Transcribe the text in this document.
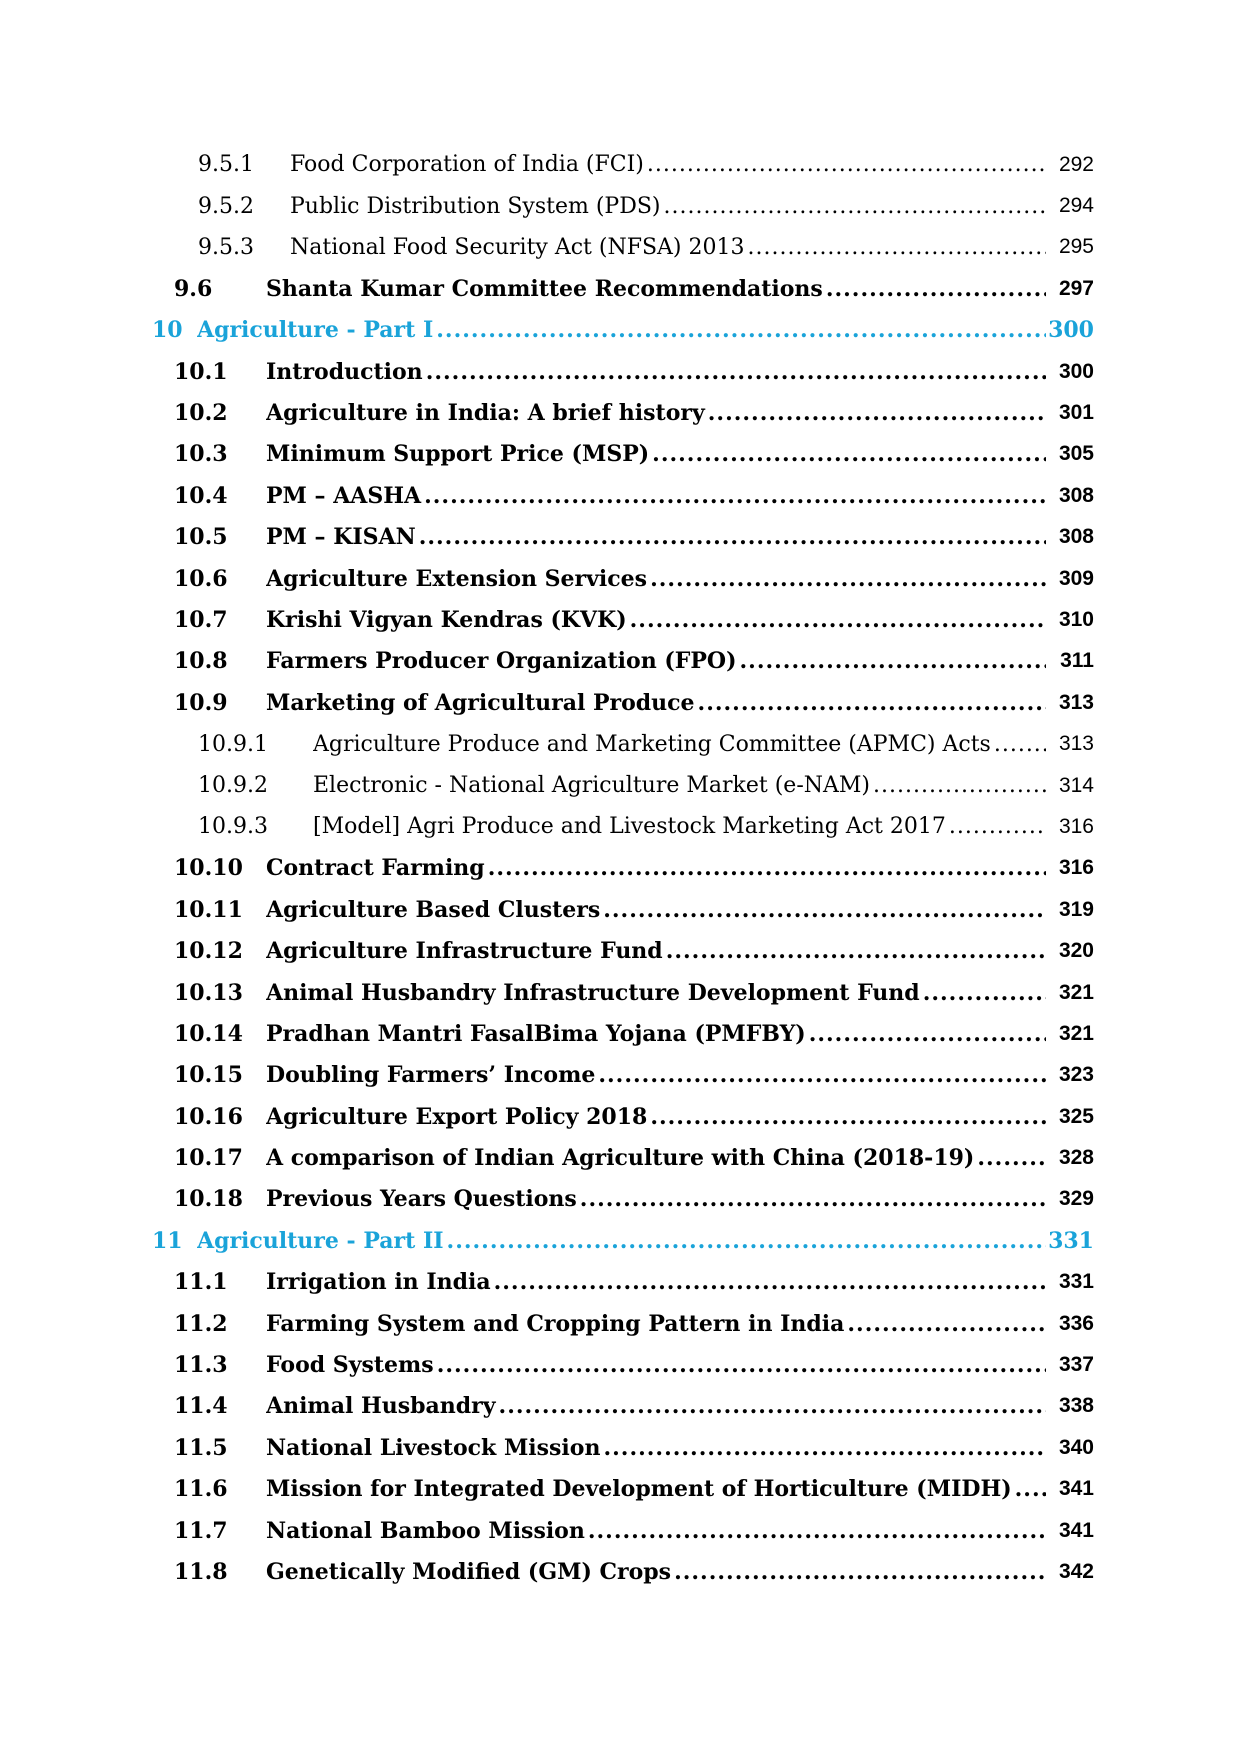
9.5.1 Food Corporation of India (FCI) .....	292
9.5.2 Public Distribution System (PDS) .....	294
9.5.3 National Food Security Act (NFSA) 2013 .....	295
9.6 Shanta Kumar Committee Recommendations .....	297
10 Agriculture - Part I .....	300
10.1 Introduction .....	300
10.2 Agriculture in India: A brief history .....	301
10.3 Minimum Support Price (MSP) .....	305
10.4 PM – AASHA .....	308
10.5 PM – KISAN .....	308
10.6 Agriculture Extension Services .....	309
10.7 Krishi Vigyan Kendras (KVK) .....	310
10.8 Farmers Producer Organization (FPO) .....	311
10.9 Marketing of Agricultural Produce .....	313
10.9.1 Agriculture Produce and Marketing Committee (APMC) Acts .....	313
10.9.2 Electronic - National Agriculture Market (e-NAM) .....	314
10.9.3 [Model] Agri Produce and Livestock Marketing Act 2017 .....	316
10.10 Contract Farming .....	316
10.11 Agriculture Based Clusters .....	319
10.12 Agriculture Infrastructure Fund .....	320
10.13 Animal Husbandry Infrastructure Development Fund .....	321
10.14 Pradhan Mantri FasalBima Yojana (PMFBY) .....	321
10.15 Doubling Farmers’ Income .....	323
10.16 Agriculture Export Policy 2018 .....	325
10.17 A comparison of Indian Agriculture with China (2018-19) .....	328
10.18 Previous Years Questions .....	329
11 Agriculture - Part II .....	331
11.1 Irrigation in India .....	331
11.2 Farming System and Cropping Pattern in India .....	336
11.3 Food Systems .....	337
11.4 Animal Husbandry .....	338
11.5 National Livestock Mission .....	340
11.6 Mission for Integrated Development of Horticulture (MIDH) ..... 341
11.7 National Bamboo Mission .....	341
11.8 Genetically Modified (GM) Crops .....	342
